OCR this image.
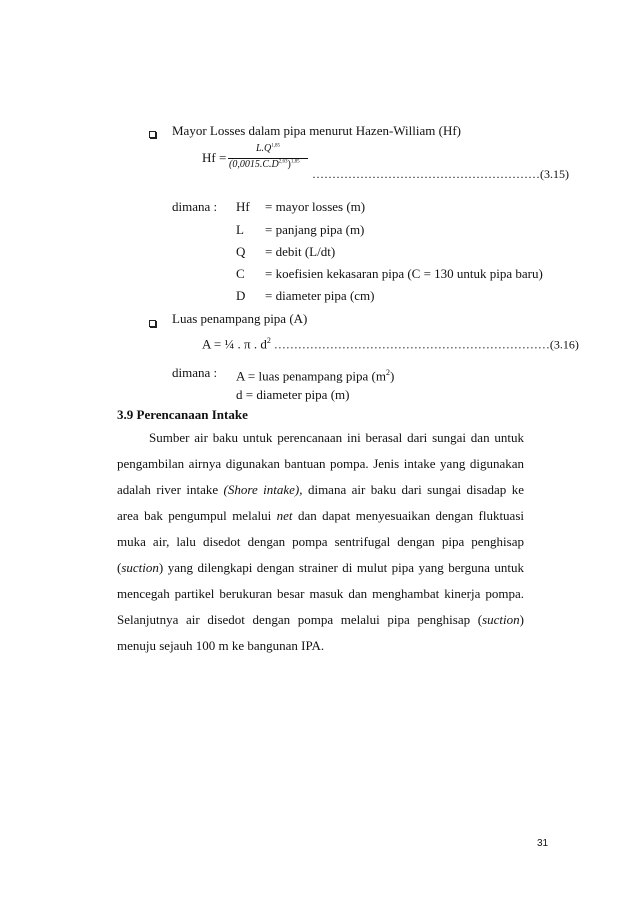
Mayor Losses dalam pipa menurut Hazen-William (Hf)
Hf =
$L.Q^{1,85}$
$(0,0015.C.D^{2,63})^{1,85}$
…………………………………………………(3.15)
dimana : Hf = mayor losses (m)
L = panjang pipa (m)
Q = debit (L/dt)
C = koefisien kekasaran pipa (C = 130 untuk pipa baru)
D = diameter pipa (cm)
Luas penampang pipa (A)
A = ¼ . π . $d^2$ ……………………………………………………………(3.16)
dimana : A = luas penampang pipa $(m^2)$
d = diameter pipa (m)
3.9 Perencanaan Intake
Sumber air baku untuk perencanaan ini berasal dari sungai dan untuk pengambilan airnya digunakan bantuan pompa. Jenis intake yang digunakan adalah river intake (Shore intake), dimana air baku dari sungai disadap ke area bak pengumpul melalui net dan dapat menyesuaikan dengan fluktuasi muka air, lalu disedot dengan pompa sentrifugal dengan pipa penghisap (suction) yang dilengkapi dengan strainer di mulut pipa yang berguna untuk mencegah partikel berukuran besar masuk dan menghambat kinerja pompa. Selanjutnya air disedot dengan pompa melalui pipa penghisap (suction) menuju sejauh 100 m ke bangunan IPA.
31
